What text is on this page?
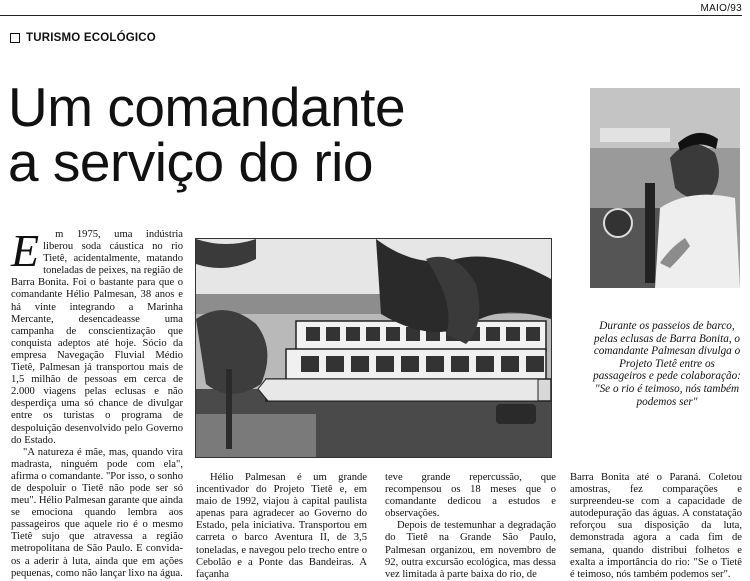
MAIO/93
TURISMO ECOLÓGICO
Um comandante
a serviço do rio
Durante os passeios de barco, pelas eclusas de Barra Bonita, o comandante Palmesan divulga o Projeto Tietê entre os passageiros e pede colaboração:
"Se o rio é teimoso, nós também podemos ser"
E	m 1975, uma indústria liberou soda cáustica no rio Tietê, acidentalmente, matando toneladas de peixes, na região de Barra Bonita. Foi o bastante para que o comandante Hélio Palmesan, 38 anos e há vinte integrando a Marinha Mercante, desencadeasse uma campanha de conscientização que conquista adeptos até hoje. Sócio da empresa Navegação Fluvial Médio Tietê, Palmesan já transportou mais de 1,5 milhão de pessoas em cerca de 2.000 viagens pelas eclusas e não desperdiça uma só chance de divulgar entre os turistas o programa de despoluição desenvolvido pelo Governo do Estado.

"A natureza é mãe, mas, quando vira madrasta, ninguém pode com ela", afirma o comandante. "Por isso, o sonho de despoluir o Tietê não pode ser só meu". Hélio Palmesan garante que ainda se emociona quando lembra aos passageiros que aquele rio é o mesmo Tietê sujo que atravessa a região metropolitana de São Paulo. E convida-os a aderir à luta, ainda que em ações pequenas, como não lançar lixo na água.

Hélio Palmesan é um grande incentivador do Projeto Tietê e, em maio de 1992, viajou à capital paulista apenas para agradecer ao Governo do Estado, pela iniciativa. Transportou em carreta o barco Aventura II, de 3,5 toneladas, e navegou pelo trecho entre o Cebolão e a Ponte das Bandeiras. A façanha

teve grande repercussão, que recompensou os 18 meses que o comandante dedicou a estudos e observações.

Depois de testemunhar a degradação do Tietê na Grande São Paulo, Palmesan organizou, em novembro de 92, outra excursão ecológica, mas dessa vez limitada à parte baixa do rio, de

Barra Bonita até o Paraná. Coletou amostras, fez comparações e surpreendeu-se com a capacidade de autodepuração das águas. A constatação reforçou sua disposição da luta, demonstrada agora a cada fim de semana, quando distribui folhetos e exalta a importância do rio: "Se o Tietê é teimoso, nós também podemos ser".
